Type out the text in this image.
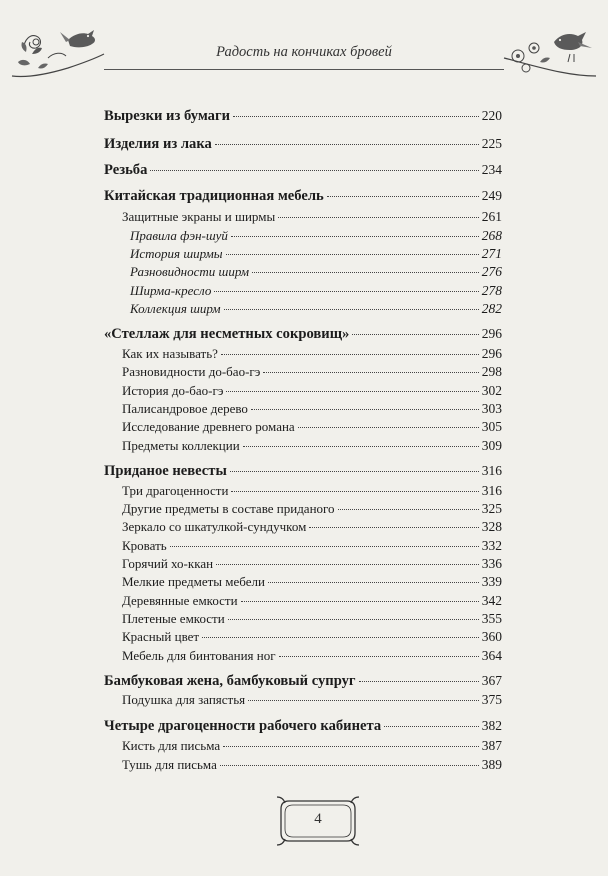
Радость на кончиках бровей
Вырезки из бумаги	220
Изделия из лака	225
Резьба	234
Китайская традиционная мебель	249
Защитные экраны и ширмы	261
Правила фэн-шуй	268
История ширмы	271
Разновидности ширм	276
Ширма-кресло	278
Коллекция ширм	282
«Стеллаж для несметных сокровищ»	296
Как их называть?	296
Разновидности до-бао-гэ	298
История до-бао-гэ	302
Палисандровое дерево	303
Исследование древнего романа	305
Предметы коллекции	309
Приданое невесты	316
Три драгоценности	316
Другие предметы в составе приданого	325
Зеркало со шкатулкой-сундучком	328
Кровать	332
Горячий хо-ккан	336
Мелкие предметы мебели	339
Деревянные емкости	342
Плетеные емкости	355
Красный цвет	360
Мебель для бинтования ног	364
Бамбуковая жена, бамбуковый супруг	367
Подушка для запястья	375
Четыре драгоценности рабочего кабинета	382
Кисть для письма	387
Тушь для письма	389
4
